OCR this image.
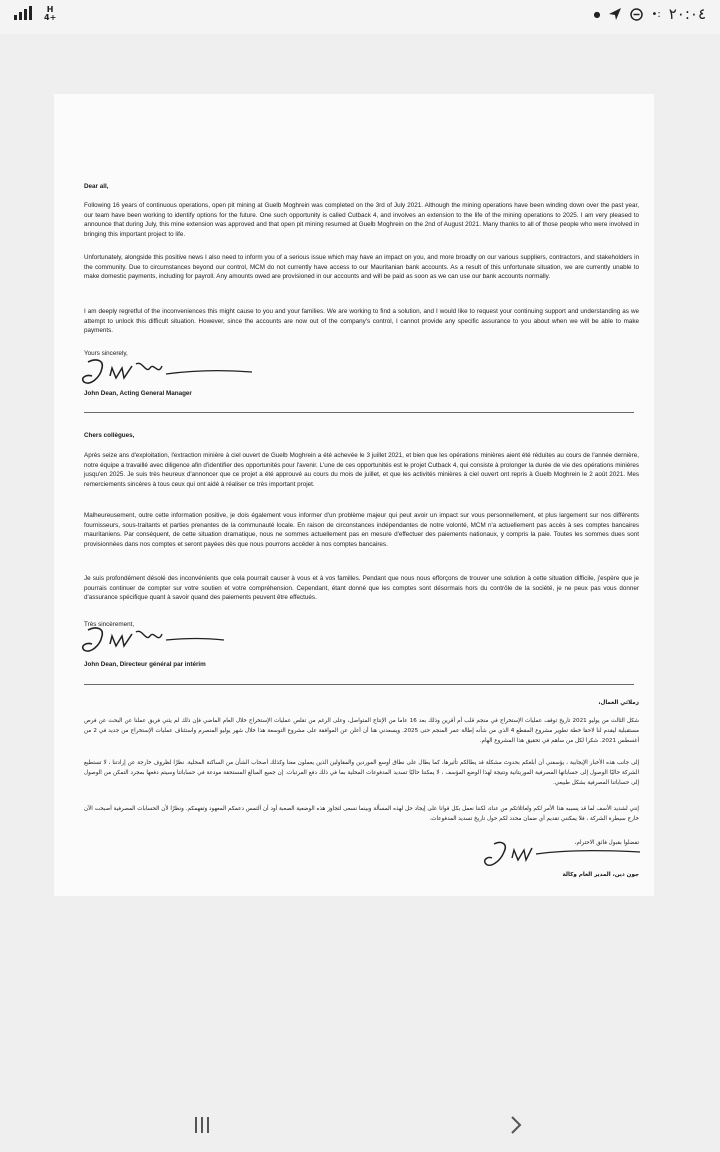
H
4+	●	•: ٢٠:٠٤

Dear all,

Following 16 years of continuous operations, open pit mining at Guelb Moghrein was completed on the 3rd of July 2021. Although the mining operations have been winding down over the past year, our team have been working to identify options for the future. One such opportunity is called Cutback 4, and involves an extension to the life of the mining operations to 2025. I am very pleased to announce that during July, this mine extension was approved and that open pit mining resumed at Guelb Moghrein on the 2nd of August 2021. Many thanks to all of those people who were involved in bringing this important project to life.

Unfortunately, alongside this positive news I also need to inform you of a serious issue which may have an impact on you, and more broadly on our various suppliers, contractors, and stakeholders in the community. Due to circumstances beyond our control, MCM do not currently have access to our Mauritanian bank accounts. As a result of this unfortunate situation, we are currently unable to make domestic payments, including for payroll. Any amounts owed are provisioned in our accounts and will be paid as soon as we can use our bank accounts normally.

I am deeply regretful of the inconveniences this might cause to you and your families. We are working to find a solution, and I would like to request your continuing support and understanding as we attempt to unlock this difficult situation. However, since the accounts are now out of the company's control, I cannot provide any specific assurance to you about when we will be able to make payments.

Yours sincerely,

John Dean, Acting General Manager

Chers collègues,

Après seize ans d'exploitation, l'extraction minière à ciel ouvert de Guelb Moghrein a été achevée le 3 juillet 2021, et bien que les opérations minières aient été réduites au cours de l'année dernière, notre équipe a travaillé avec diligence afin d'identifier des opportunités pour l'avenir. L'une de ces opportunités est le projet Cutback 4, qui consiste à prolonger la durée de vie des opérations minières jusqu'en 2025. Je suis très heureux d'annoncer que ce projet a été approuvé au cours du mois de juillet, et que les activités minières à ciel ouvert ont repris à Guelb Moghrein le 2 août 2021. Mes remerciements sincères à tous ceux qui ont aidé à réaliser ce très important projet.

Malheureusement, outre cette information positive, je dois également vous informer d'un problème majeur qui peut avoir un impact sur vous personnellement, et plus largement sur nos différents fournisseurs, sous-traitants et parties prenantes de la communauté locale. En raison de circonstances indépendantes de notre volonté, MCM n'a actuellement pas accès à ses comptes bancaires mauritaniens. Par conséquent, de cette situation dramatique, nous ne sommes actuellement pas en mesure d'effectuer des paiements nationaux, y compris la paie. Toutes les sommes dues sont provisionnées dans nos comptes et seront payées dès que nous pourrons accéder à nos comptes bancaires.

Je suis profondément désolé des inconvénients que cela pourrait causer à vous et à vos familles. Pendant que nous nous efforçons de trouver une solution à cette situation difficile, j'espère que je pourrais continuer de compter sur votre soutien et votre compréhension. Cependant, étant donné que les comptes sont désormais hors du contrôle de la société, je ne peux pas vous donner d'assurance spécifique quant à savoir quand des paiements peuvent être effectués.

Très sincèrement,

John Dean, Directeur général par intérim

زملائي العمال،

شكل الثالث من يوليو 2021 تاريخ توقف عمليات الإستخراج في منجم قلب أم أقرين وذلك بعد 16 عاما من الإنتاج المتواصل، وعلى الرغم من تقلص عمليات الإستخراج خلال العام الماضي فإن ذلك لم يثني فريق عملنا عن البحث عن فرص مستقبلية ليقدم لنا لاحقا خطة تطوير مشروع المقطع 4 الذي من شأنه إطالة عمر المنجم حتى 2025. ويسعدني هنا أن أعلن عن الموافقة على مشروع التوسعة هذا خلال شهر يوليو المنصرم واستئناف عمليات الإستخراج من جديد في 2 من أغسطس 2021. شكرا لكل من ساهم في تحقيق هذا المشروع الهام.

إلى جانب هذه الأخبار الإيجابية ، يؤسفني أن أبلغكم بحدوث مشكلة قد يطالكم تأثيرها، كما يطال على نطاق أوسع الموردين والمقاولين الذين يعملون معنا وكذلك أصحاب الشأن من الساكنة المحلية. نظرًا لظروف خارجة عن إرادتنا ، لا تستطيع الشركة حاليًا الوصول إلى حساباتها المصرفية الموريتانية ونتيجة لهذا الوضع المؤسف ، لا يمكننا حاليًا تسديد المدفوعات المحلية بما في ذلك دفع المرتبات. إن جميع المبالغ المستحقة مودعة في حساباتنا وسيتم دفعها بمجرد التمكن من الوصول إلى حساباتنا المصرفية بشكل طبيعي.

إنني لشديد الأسف لما قد يسببه هذا الأمر لكم ولعائلاتكم من عناء، لكننا نعمل بكل قوانا على إيجاد حل لهذه المسألة وبينما نسعى لتجاوز هذه الوضعية الصعبة أود أن ألتمس دعمكم المعهود وتفهمكم. ونظرًا لأن الحسابات المصرفية أصبحت الآن خارج سيطرة الشركة ، فلا يمكنني تقديم أي ضمان محدد لكم حول تاريخ تسديد المدفوعات.

تفضلوا بقبول فائق الاحترام،

جون دين، المدير العام وكالة
